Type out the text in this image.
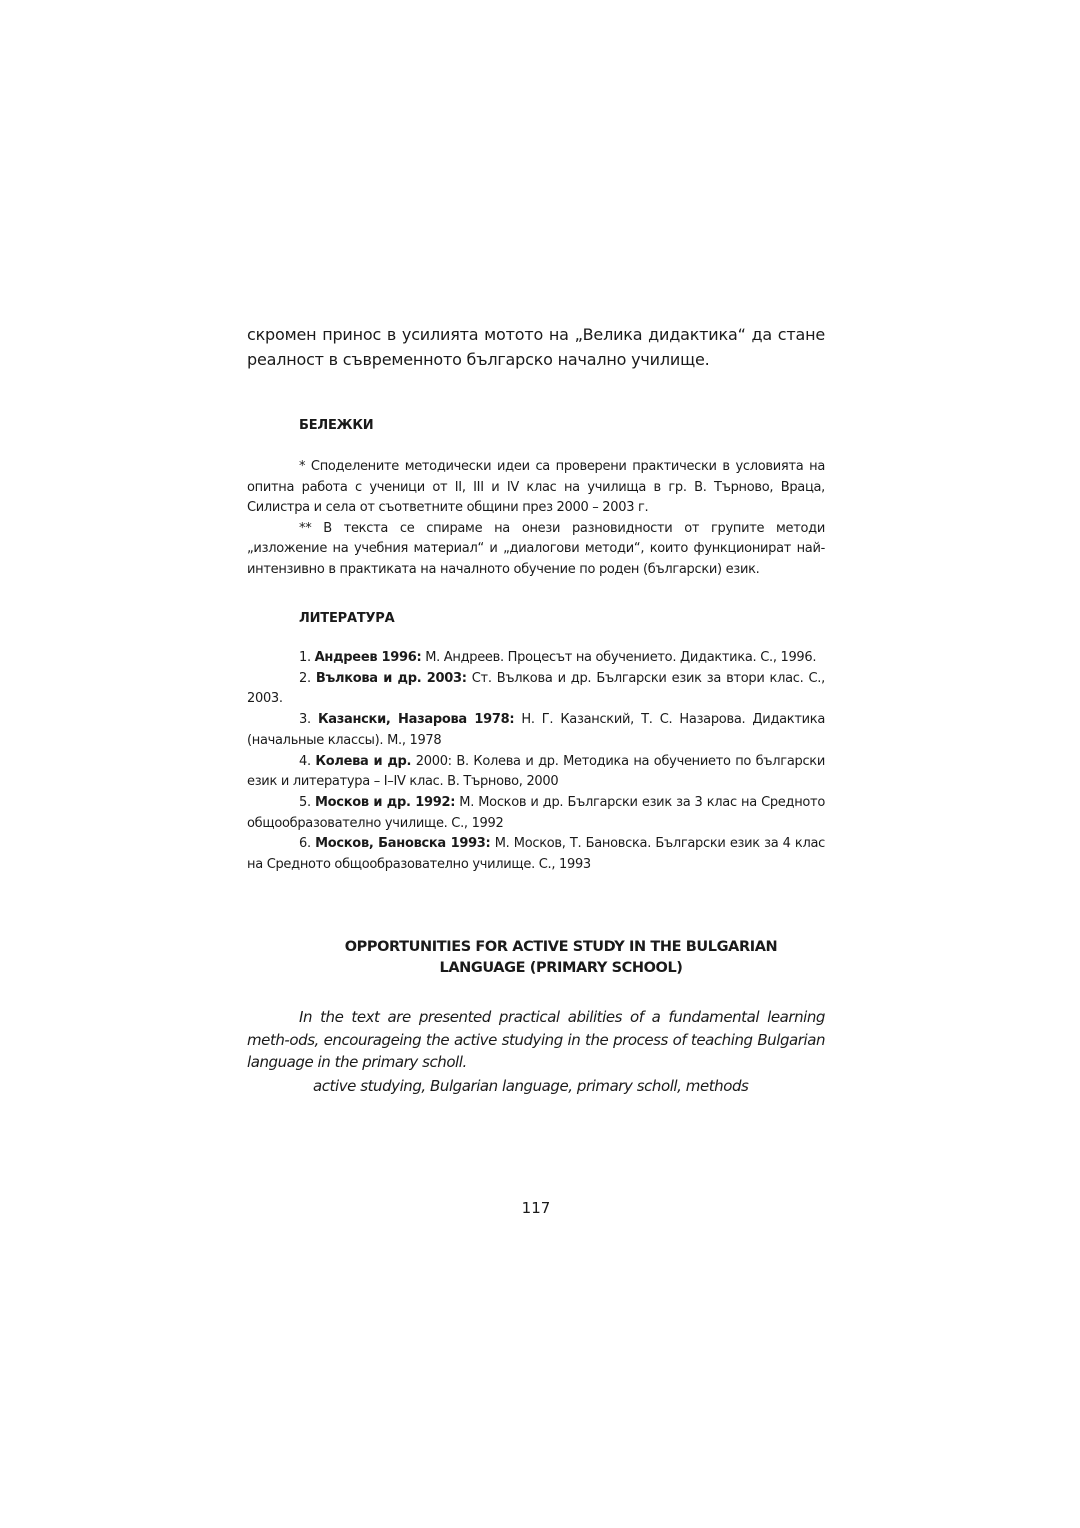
скромен принос в усилията мотото на „Велика дидактика“ да стане реалност в съвременното българско начално училище.
БЕЛЕЖКИ

* Споделените методически идеи са проверени практически в условията на опитна работа с ученици от II, III и IV клас на училища в гр. В. Търново, Враца, Силистра и села от съответните общини през 2000 – 2003 г.

** В текста се спираме на онези разновидности от групите методи „изложение на учебния материал“ и „диалогови методи“, които функционират най-интензивно в практиката на началното обучение по роден (български) език.

ЛИТЕРАТУРА

1. Андреев 1996: М. Андреев. Процесът на обучението. Дидактика. С., 1996.

2. Вълкова и др. 2003: Ст. Вълкова и др. Български език за втори клас. С., 2003.

3. Казански, Назарова 1978: Н. Г. Казанский, Т. С. Назарова. Дидактика (начальные классы). М., 1978

4. Колева и др. 2000: В. Колева и др. Методика на обучението по български език и литература – I–IV клас. В. Търново, 2000

5. Москов и др. 1992: М. Москов и др. Български език за 3 клас на Средното общообразователно училище. С., 1992

6. Москов, Бановска 1993: М. Москов, Т. Бановска. Български език за 4 клас на Средното общообразователно училище. С., 1993

OPPORTUNITIES FOR ACTIVE STUDY IN THE BULGARIAN
LANGUAGE (PRIMARY SCHOOL)

In the text are presented practical abilities of a fundamental learning meth-ods, encourageing the active studying in the process of teaching Bulgarian language in the primary scholl.

active studying, Bulgarian language, primary scholl, methods
117
